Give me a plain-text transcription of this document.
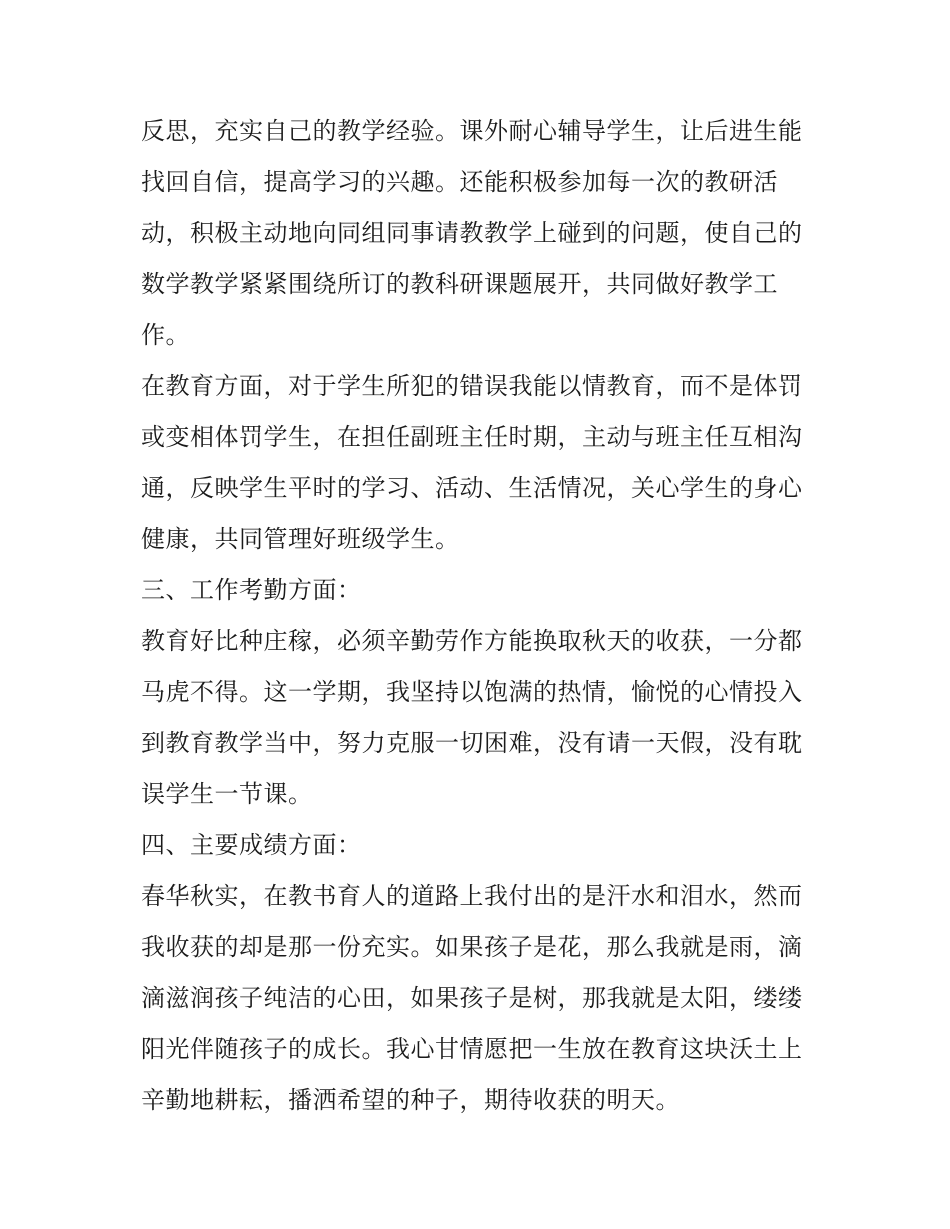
反思，充实自己的教学经验。课外耐心辅导学生，让后进生能
找回自信，提高学习的兴趣。还能积极参加每一次的教研活
动，积极主动地向同组同事请教教学上碰到的问题，使自己的
数学教学紧紧围绕所订的教科研课题展开，共同做好教学工
作。
在教育方面，对于学生所犯的错误我能以情教育，而不是体罚
或变相体罚学生，在担任副班主任时期，主动与班主任互相沟
通，反映学生平时的学习、活动、生活情况，关心学生的身心
健康，共同管理好班级学生。
三、工作考勤方面：
教育好比种庄稼，必须辛勤劳作方能换取秋天的收获，一分都
马虎不得。这一学期，我坚持以饱满的热情，愉悦的心情投入
到教育教学当中，努力克服一切困难，没有请一天假，没有耽
误学生一节课。
四、主要成绩方面：
春华秋实，在教书育人的道路上我付出的是汗水和泪水，然而
我收获的却是那一份充实。如果孩子是花，那么我就是雨，滴
滴滋润孩子纯洁的心田，如果孩子是树，那我就是太阳，缕缕
阳光伴随孩子的成长。我心甘情愿把一生放在教育这块沃土上
辛勤地耕耘，播洒希望的种子，期待收获的明天。
